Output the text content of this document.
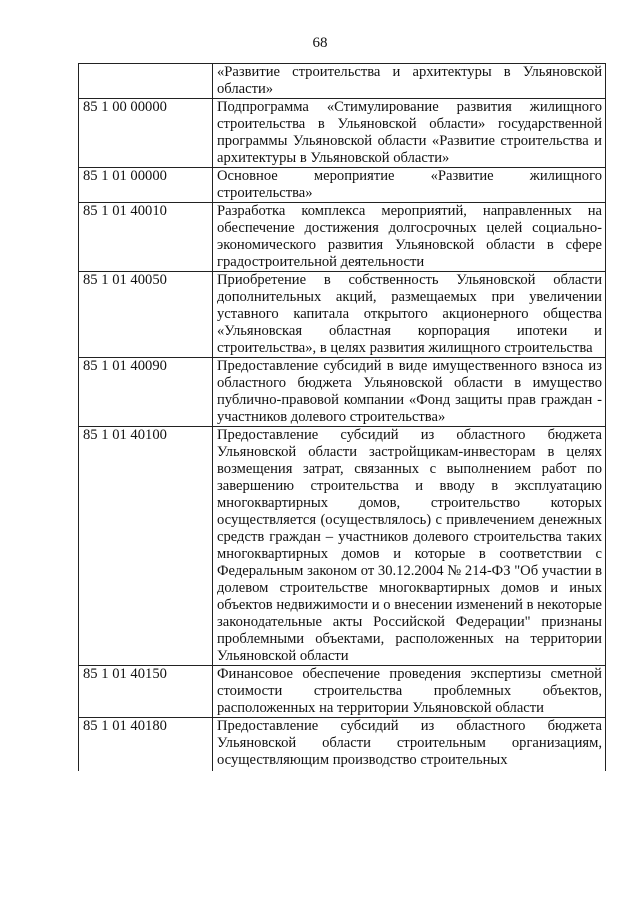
68
	«Развитие строительства и архитектуры в Ульяновской области»
85 1 00 00000	Подпрограмма «Стимулирование развития жилищного строительства в Ульяновской области» государственной программы Ульяновской области «Развитие строительства и архитектуры в Ульяновской области»
85 1 01 00000	Основное мероприятие «Развитие жилищного строительства»
85 1 01 40010	Разработка комплекса мероприятий, направленных на обеспечение достижения долгосрочных целей социально-экономического развития Ульяновской области в сфере градостроительной деятельности
85 1 01 40050	Приобретение в собственность Ульяновской области дополнительных акций, размещаемых при увеличении уставного капитала открытого акционерного общества «Ульяновская областная корпорация ипотеки и строительства», в целях развития жилищного строительства
85 1 01 40090	Предоставление субсидий в виде имущественного взноса из областного бюджета Ульяновской области в имущество публично-правовой компании «Фонд защиты прав граждан - участников долевого строительства»
85 1 01 40100	Предоставление субсидий из областного бюджета Ульяновской области застройщикам-инвесторам в целях возмещения затрат, связанных с выполнением работ по завершению строительства и вводу в эксплуатацию многоквартирных домов, строительство которых осуществляется (осуществлялось) с привлечением денежных средств граждан – участников долевого строительства таких многоквартирных домов и которые в соответствии с Федеральным законом от 30.12.2004 № 214-ФЗ "Об участии в долевом строительстве многоквартирных домов и иных объектов недвижимости и о внесении изменений в некоторые законодательные акты Российской Федерации" признаны проблемными объектами, расположенных на территории Ульяновской области
85 1 01 40150	Финансовое обеспечение проведения экспертизы сметной стоимости строительства проблемных объектов, расположенных на территории Ульяновской области
85 1 01 40180	Предоставление субсидий из областного бюджета Ульяновской области строительным организациям, осуществляющим производство строительных
